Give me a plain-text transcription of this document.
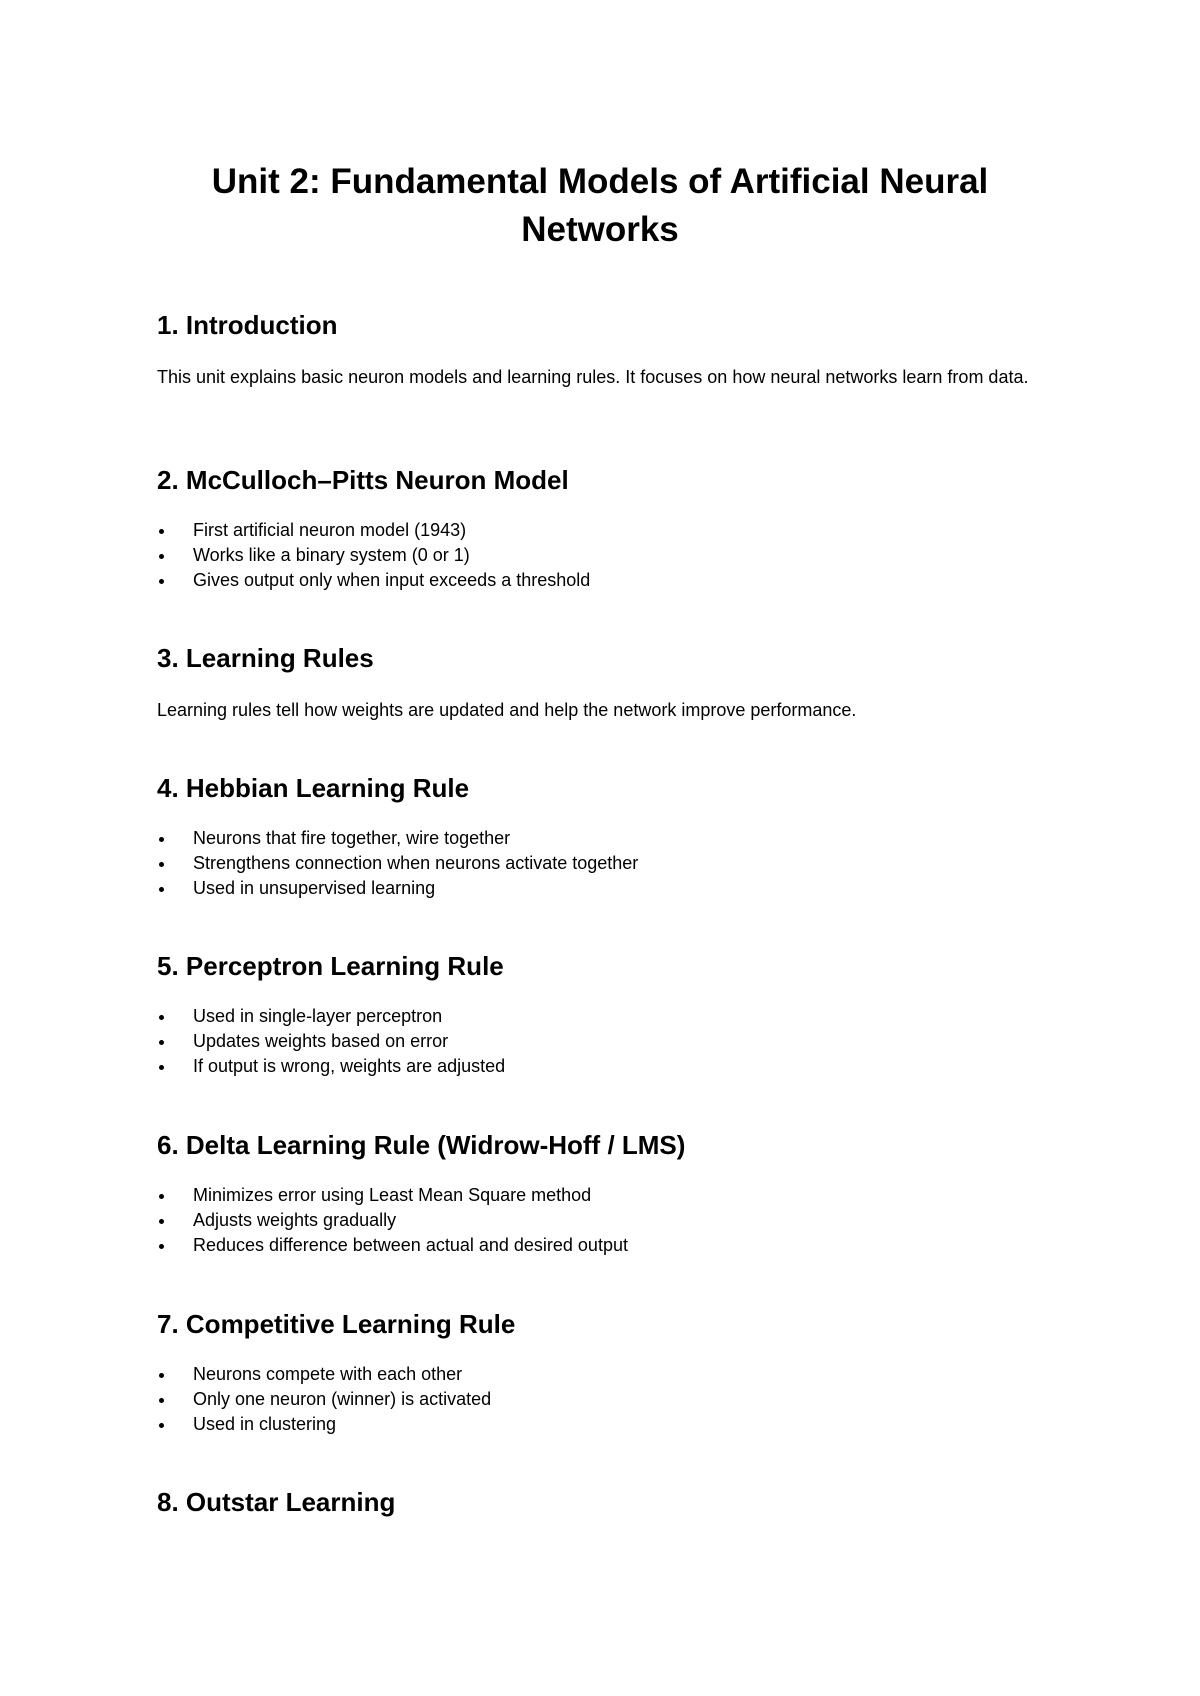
Unit 2: Fundamental Models of Artificial Neural Networks
1. Introduction

This unit explains basic neuron models and learning rules. It focuses on how neural networks learn from data.

2. McCulloch–Pitts Neuron Model
First artificial neuron model (1943)
Works like a binary system (0 or 1)
Gives output only when input exceeds a threshold
3. Learning Rules

Learning rules tell how weights are updated and help the network improve performance.

4. Hebbian Learning Rule
Neurons that fire together, wire together
Strengthens connection when neurons activate together
Used in unsupervised learning
5. Perceptron Learning Rule
Used in single-layer perceptron
Updates weights based on error
If output is wrong, weights are adjusted
6. Delta Learning Rule (Widrow-Hoff / LMS)
Minimizes error using Least Mean Square method
Adjusts weights gradually
Reduces difference between actual and desired output
7. Competitive Learning Rule
Neurons compete with each other
Only one neuron (winner) is activated
Used in clustering
8. Outstar Learning
